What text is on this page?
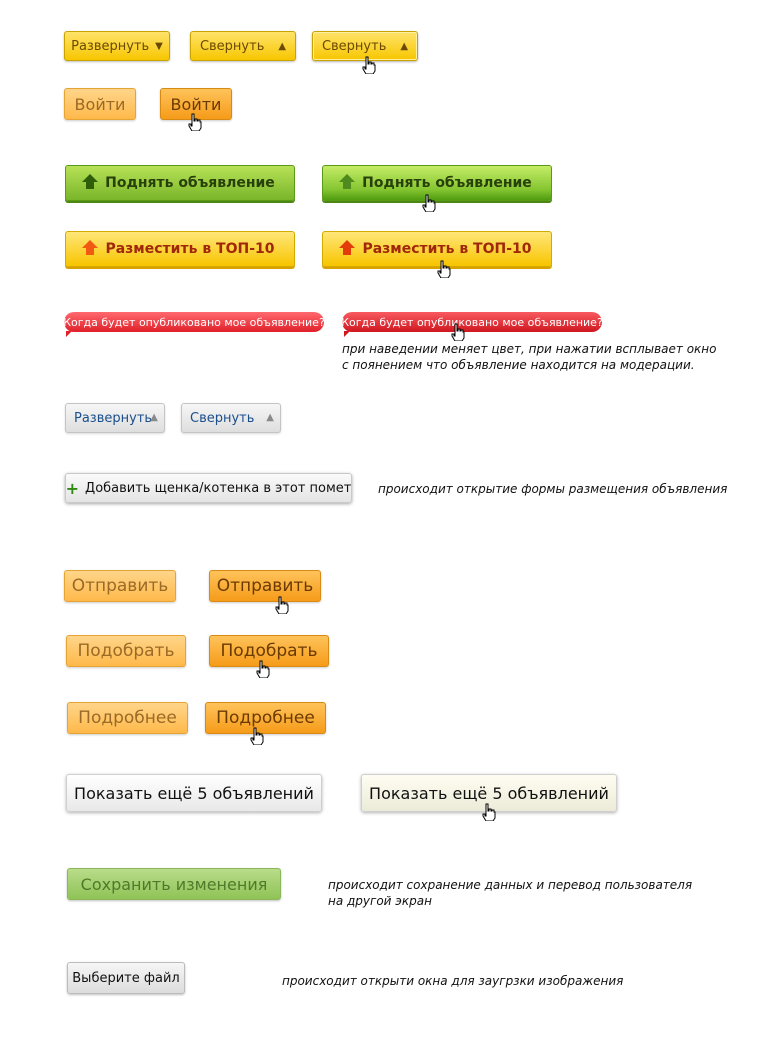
Развернуть ▼	Свернуть ▲	Свернуть ▲
Войти	Войти
Поднять объявление	Поднять объявление
Разместить в ТОП-10	Разместить в ТОП-10
Когда будет опубликовано мое объявление? Когда будет опубликовано мое объявление?
при наведении меняет цвет, при нажатии всплывает окно
с поянением что объявление находится на модерации.
Развернуть
▲ Свернуть ▲
+ Добавить щенка/котенка в этот помет происходит открытие формы размещения объявления
Отправить	Отправить
Подобрать	Подобрать
Подробнее Подробнее
Показать ещё 5 объявлений	Показать ещё 5 объявлений
Сохранить изменения	происходит сохранение данных и перевод пользователя
на другой экран
Выберите файл	происходит открыти окна для заугрзки изображения
